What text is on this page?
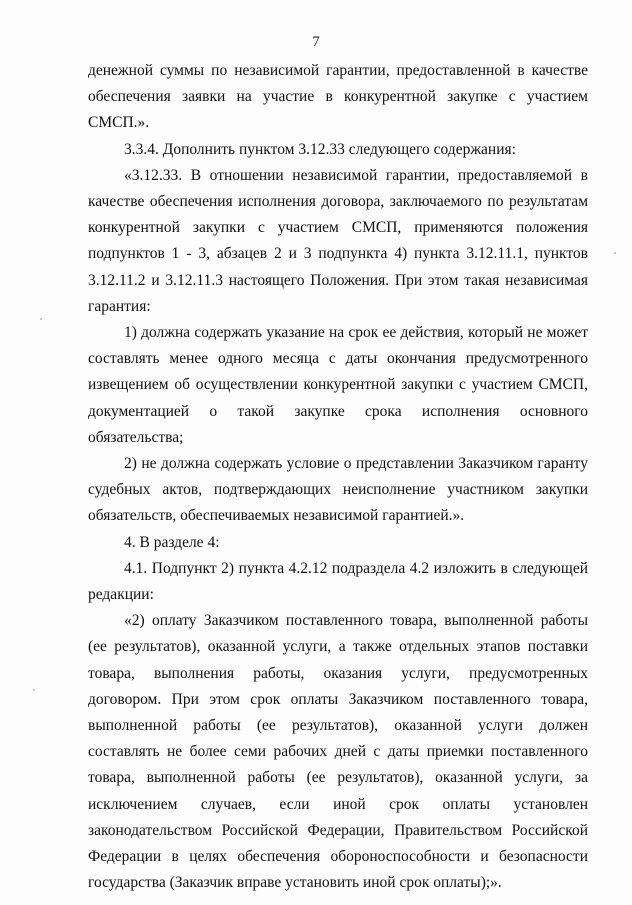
7

денежной суммы по независимой гарантии, предоставленной в качестве обеспечения заявки на участие в конкурентной закупке с участием СМСП.».

3.3.4. Дополнить пунктом 3.12.33 следующего содержания:

«3.12.33. В отношении независимой гарантии, предоставляемой в качестве обеспечения исполнения договора, заключаемого по результатам конкурентной закупки с участием СМСП, применяются положения подпунктов 1 - 3, абзацев 2 и 3 подпункта 4) пункта 3.12.11.1, пунктов 3.12.11.2 и 3.12.11.3 настоящего Положения. При этом такая независимая гарантия:

1) должна содержать указание на срок ее действия, который не может составлять менее одного месяца с даты окончания предусмотренного извещением об осуществлении конкурентной закупки с участием СМСП, документацией о такой закупке срока исполнения основного обязательства;

2) не должна содержать условие о представлении Заказчиком гаранту судебных актов, подтверждающих неисполнение участником закупки обязательств, обеспечиваемых независимой гарантией.».

4. В разделе 4:

4.1. Подпункт 2) пункта 4.2.12 подраздела 4.2 изложить в следующей редакции:

«2) оплату Заказчиком поставленного товара, выполненной работы (ее результатов), оказанной услуги, а также отдельных этапов поставки товара, выполнения работы, оказания услуги, предусмотренных договором. При этом срок оплаты Заказчиком поставленного товара, выполненной работы (ее результатов), оказанной услуги должен составлять не более семи рабочих дней с даты приемки поставленного товара, выполненной работы (ее результатов), оказанной услуги, за исключением случаев, если иной срок оплаты установлен законодательством Российской Федерации, Правительством Российской Федерации в целях обеспечения обороноспособности и безопасности государства (Заказчик вправе установить иной срок оплаты);».
